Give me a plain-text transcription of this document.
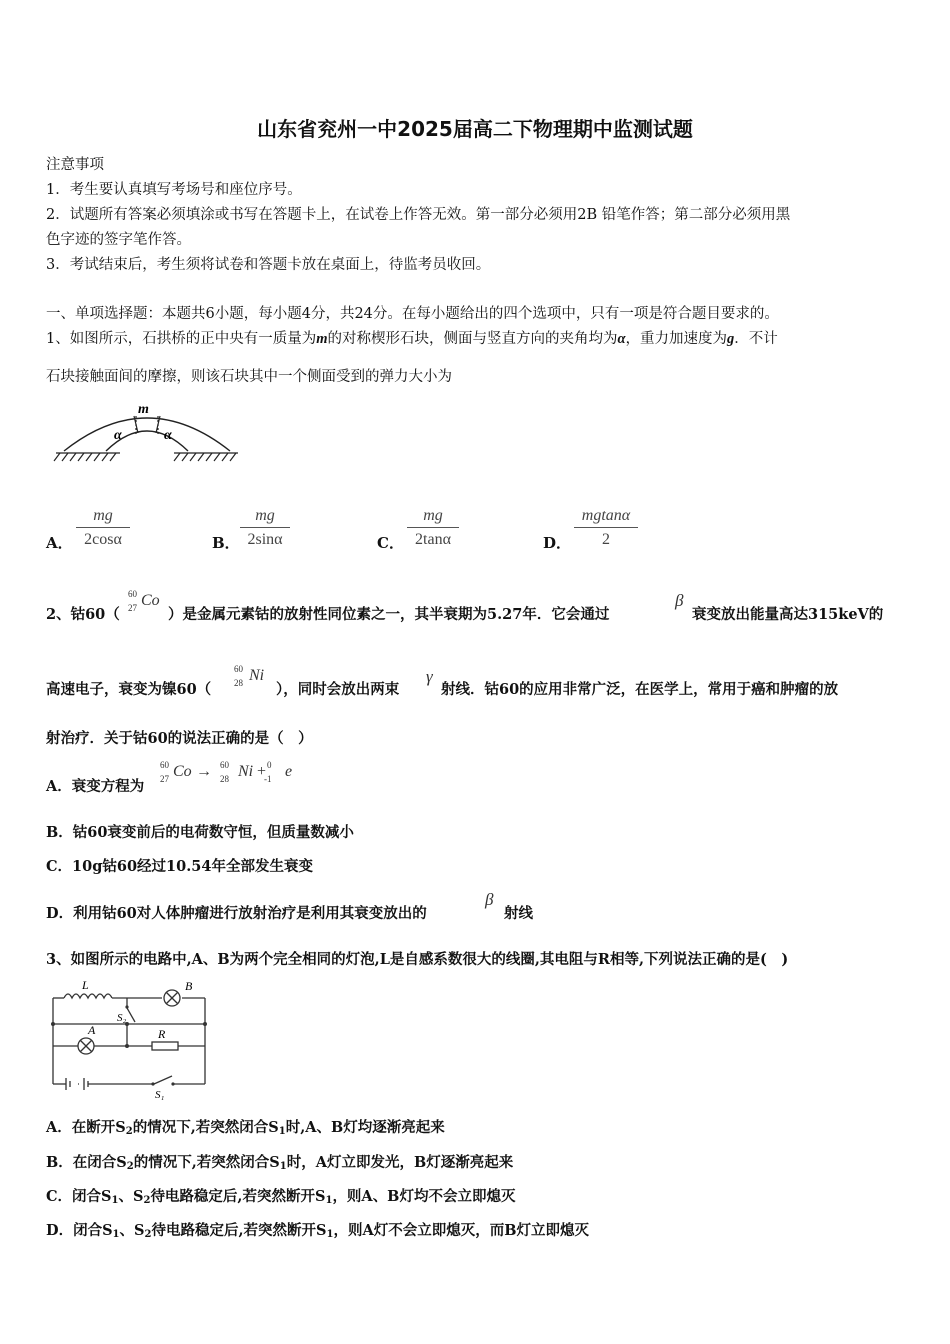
山东省兖州一中2025届高二下物理期中监测试题
注意事项
1．考生要认真填写考场号和座位序号。
2．试题所有答案必须填涂或书写在答题卡上，在试卷上作答无效。第一部分必须用2B 铅笔作答；第二部分必须用黑
色字迹的签字笔作答。
3．考试结束后，考生须将试卷和答题卡放在桌面上，待监考员收回。
一、单项选择题：本题共6小题，每小题4分，共24分。在每小题给出的四个选项中，只有一项是符合题目要求的。
1、如图所示，石拱桥的正中央有一质量为m的对称楔形石块，侧面与竖直方向的夹角均为α，重力加速度为g．不计
石块接触面间的摩擦，则该石块其中一个侧面受到的弹力大小为
m
α	α
A． $\frac{mg}{2\cos\alpha}$	B． $\frac{mg}{2\sin\alpha}$	C． $\frac{mg}{2\tan\alpha}$	D． $\frac{mgtan\alpha}{2}$
2、钴60（
60
27 Co
）是金属元素钴的放射性同位素之一，其半衰期为5.27年．它会通过
β
衰变放出能量高达315keV的
高速电子，衰变为镍60（
60
28 Ni
），同时会放出两束
γ
射线．钴60的应用非常广泛，在医学上，常用于癌和肿瘤的放
射治疗．关于钴60的说法正确的是（　）
A．衰变方程为
60
27 Co → 60
28 Ni + 0
-1 e
B．钴60衰变前后的电荷数守恒，但质量数减小
C．10g钴60经过10.54年全部发生衰变
D．利用钴60对人体肿瘤进行放射治疗是利用其衰变放出的
β
射线
3、如图所示的电路中,A、B为两个完全相同的灯泡,L是自感系数很大的线圈,其电阻与R相等,下列说法正确的是(　)
L	B
A	R
S₂
S₁
A．在断开$S_2$的情况下,若突然闭合$S_1$时,A、B灯均逐渐亮起来
B．在闭合$S_2$的情况下,若突然闭合$S_1$时，A灯立即发光，B灯逐渐亮起来
C．闭合$S_1$、$S_2$待电路稳定后,若突然断开$S_1$，则A、B灯均不会立即熄灭
D．闭合$S_1$、$S_2$待电路稳定后,若突然断开$S_1$，则A灯不会立即熄灭，而B灯立即熄灭
